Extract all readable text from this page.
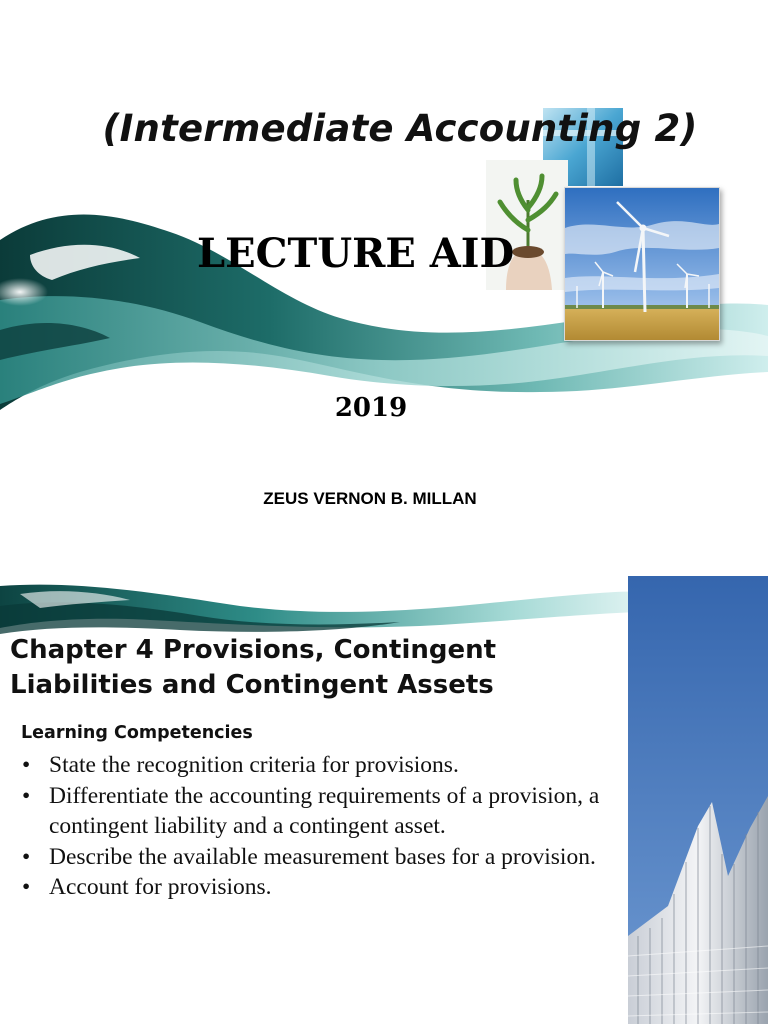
(Intermediate Accounting 2)
LECTURE AID
2019
ZEUS VERNON B. MILLAN
Chapter 4 Provisions, Contingent Liabilities and Contingent Assets
Learning Competencies
• State the recognition criteria for provisions.
• Differentiate the accounting requirements of a provision, a contingent liability and a contingent asset.
• Describe the available measurement bases for a provision.
• Account for provisions.
